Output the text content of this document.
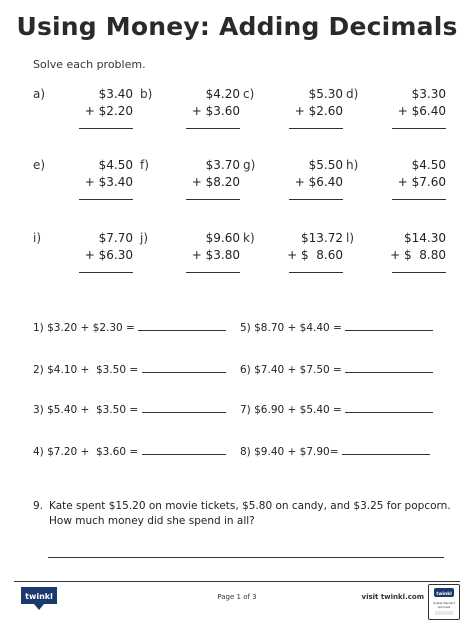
Using Money: Adding Decimals
Solve each problem.
a)	$3.40
+ $2.20
b)	$4.20
+ $3.60
c)	$5.30
+ $2.60
d)	$3.30
+ $6.40
e)	$4.50
+ $3.40
f)	$3.70
+ $8.20
g)	$5.50
+ $6.40
h)	$4.50
+ $7.60
i)	$7.70
+ $6.30
j)	$9.60
+ $3.80
k)	$13.72
+ $  8.60
l)	$14.30
+ $  8.80
1) $3.20 + $2.30 =	5) $8.70 + $4.40 =
2) $4.10 +  $3.50 =	6) $7.40 + $7.50 =
3) $5.40 +  $3.50 =	7) $6.90 + $5.40 =
4) $7.20 +  $3.60 =	8) $9.40 + $7.90=
9. Kate spent $15.20 on movie tickets, $5.80 on candy, and $3.25 for popcorn.
How much money did she spend in all?
twinkl	Page 1 of 3	visit twinkl.com	twinkl
Quality Standard
Approved
